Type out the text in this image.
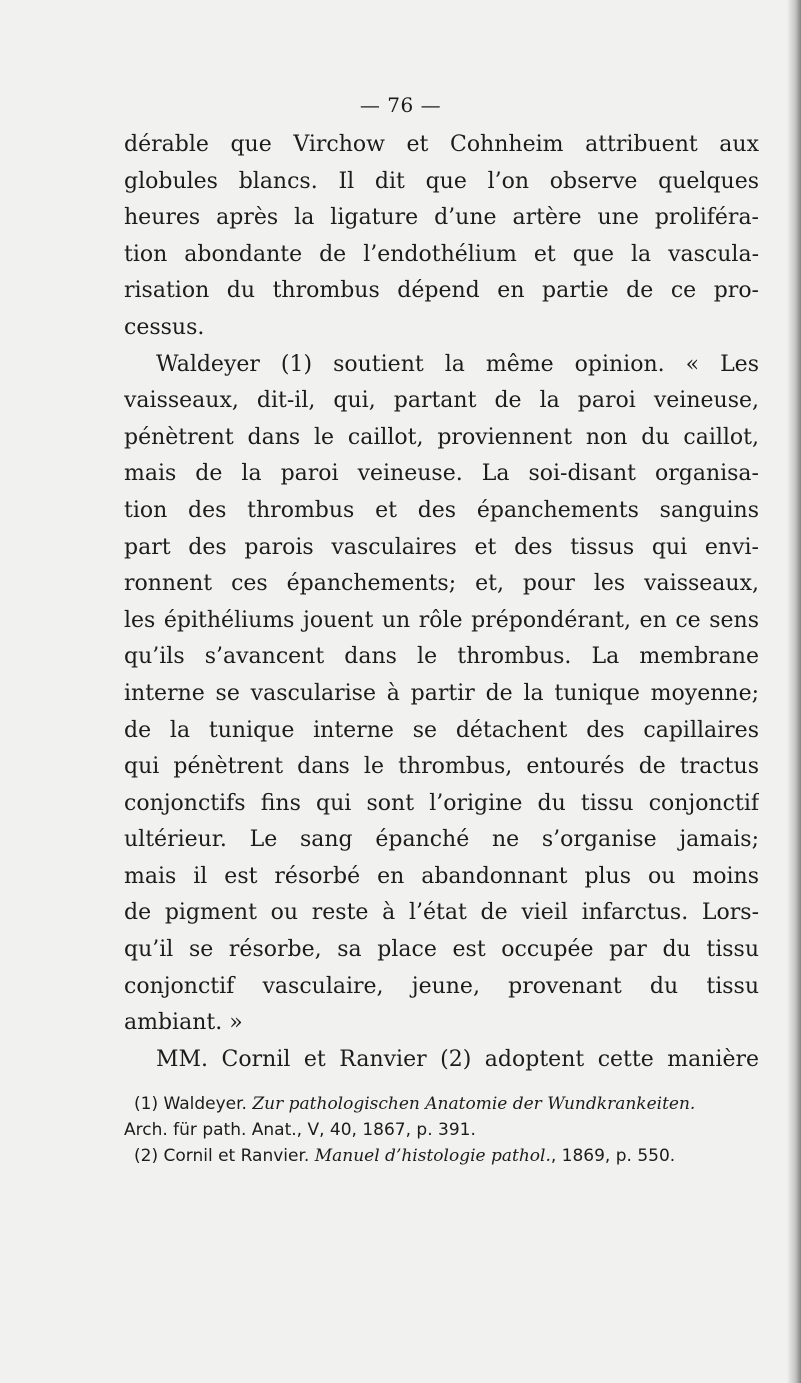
— 76 —
dérable que Virchow et Cohnheim attribuent aux
globules blancs. Il dit que l’on observe quelques
heures après la ligature d’une artère une proliféra-
tion abondante de l’endothélium et que la vascula-
risation du thrombus dépend en partie de ce pro-
cessus.
Waldeyer (1) soutient la même opinion. « Les
vaisseaux, dit-il, qui, partant de la paroi veineuse,
pénètrent dans le caillot, proviennent non du caillot,
mais de la paroi veineuse. La soi-disant organisa-
tion des thrombus et des épanchements sanguins
part des parois vasculaires et des tissus qui envi-
ronnent ces épanchements; et, pour les vaisseaux,
les épithéliums jouent un rôle prépondérant, en ce sens
qu’ils s’avancent dans le thrombus. La membrane
interne se vascularise à partir de la tunique moyenne;
de la tunique interne se détachent des capillaires
qui pénètrent dans le thrombus, entourés de tractus
conjonctifs fins qui sont l’origine du tissu conjonctif
ultérieur. Le sang épanché ne s’organise jamais;
mais il est résorbé en abandonnant plus ou moins
de pigment ou reste à l’état de vieil infarctus. Lors-
qu’il se résorbe, sa place est occupée par du tissu
conjonctif vasculaire, jeune, provenant du tissu
ambiant. »
MM. Cornil et Ranvier (2) adoptent cette manière
(1) Waldeyer. Zur pathologischen Anatomie der Wundkrankeiten.
Arch. für path. Anat., V, 40, 1867, p. 391.
(2) Cornil et Ranvier. Manuel d’histologie pathol., 1869, p. 550.
